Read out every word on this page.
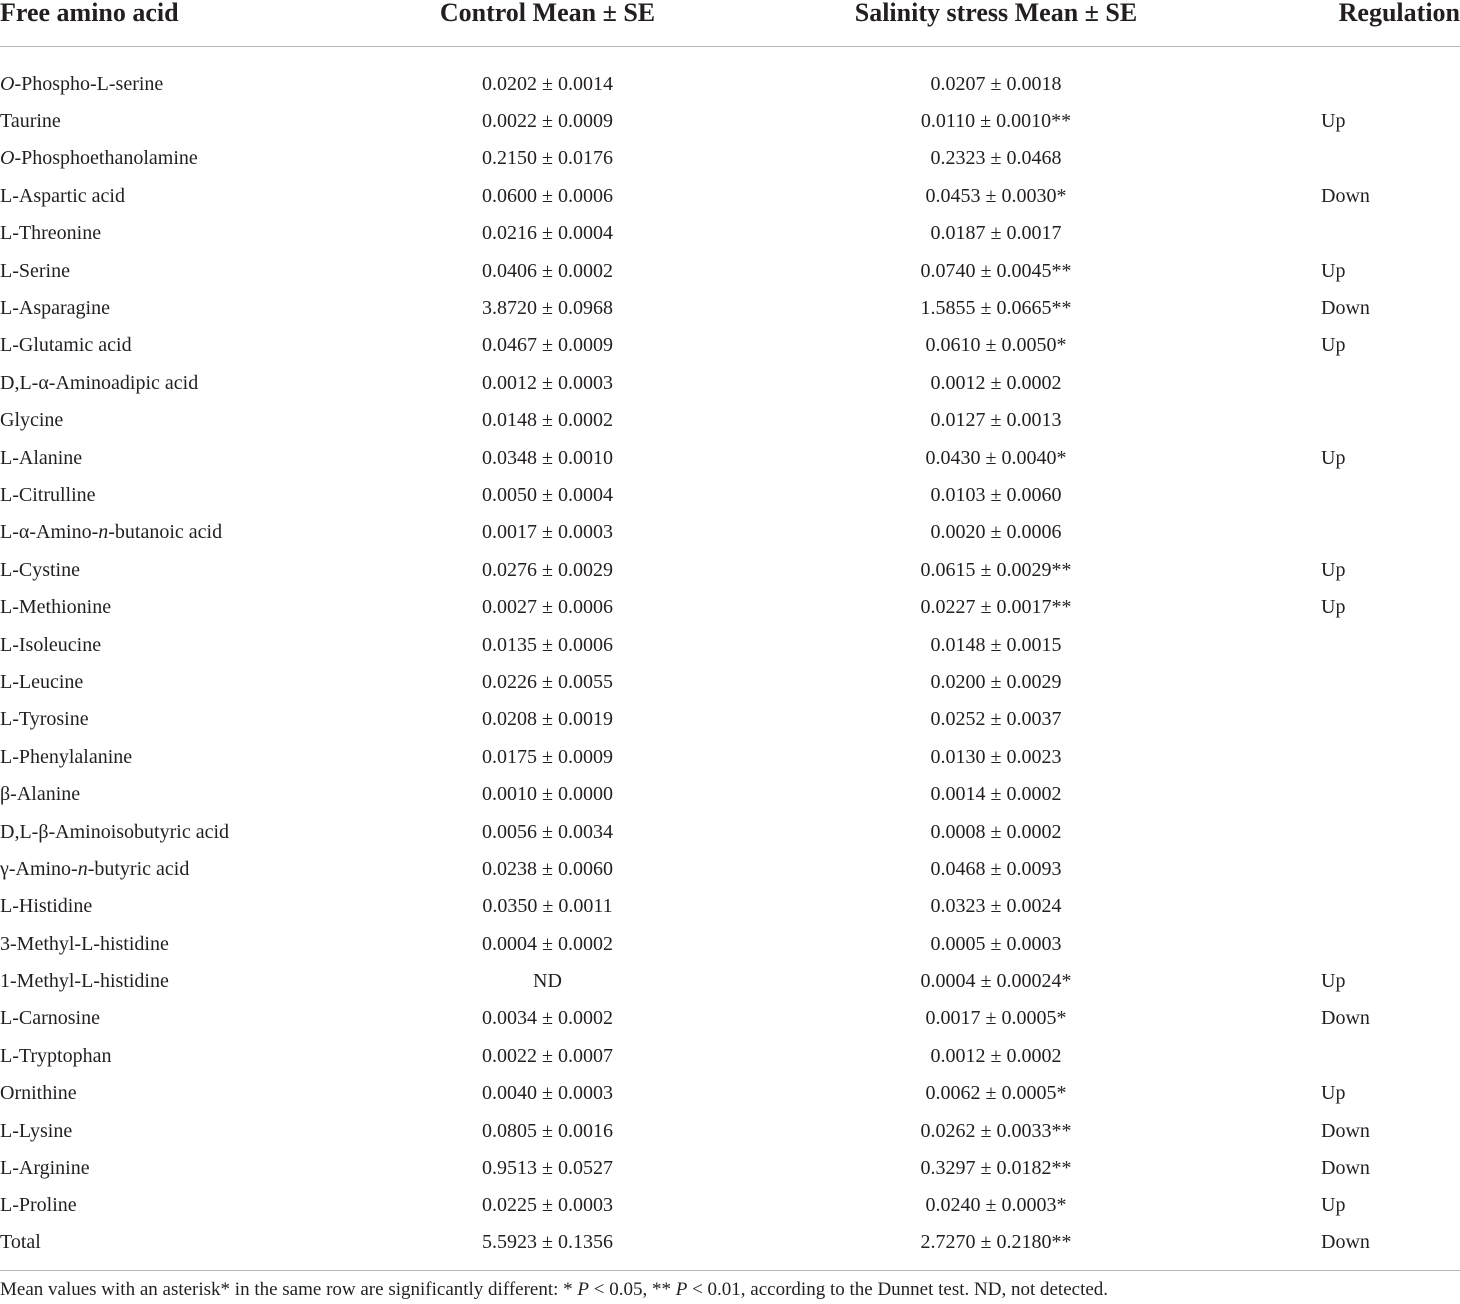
Free amino acid	Control Mean ± SE	Salinity stress Mean ± SE	Regulation
O-Phospho-L-serine	0.0202 ± 0.0014	0.0207 ± 0.0018	
Taurine	0.0022 ± 0.0009	0.0110 ± 0.0010**	Up
O-Phosphoethanolamine	0.2150 ± 0.0176	0.2323 ± 0.0468	
L-Aspartic acid	0.0600 ± 0.0006	0.0453 ± 0.0030*	Down
L-Threonine	0.0216 ± 0.0004	0.0187 ± 0.0017	
L-Serine	0.0406 ± 0.0002	0.0740 ± 0.0045**	Up
L-Asparagine	3.8720 ± 0.0968	1.5855 ± 0.0665**	Down
L-Glutamic acid	0.0467 ± 0.0009	0.0610 ± 0.0050*	Up
D,L-α-Aminoadipic acid	0.0012 ± 0.0003	0.0012 ± 0.0002	
Glycine	0.0148 ± 0.0002	0.0127 ± 0.0013	
L-Alanine	0.0348 ± 0.0010	0.0430 ± 0.0040*	Up
L-Citrulline	0.0050 ± 0.0004	0.0103 ± 0.0060	
L-α-Amino-n-butanoic acid	0.0017 ± 0.0003	0.0020 ± 0.0006	
L-Cystine	0.0276 ± 0.0029	0.0615 ± 0.0029**	Up
L-Methionine	0.0027 ± 0.0006	0.0227 ± 0.0017**	Up
L-Isoleucine	0.0135 ± 0.0006	0.0148 ± 0.0015	
L-Leucine	0.0226 ± 0.0055	0.0200 ± 0.0029	
L-Tyrosine	0.0208 ± 0.0019	0.0252 ± 0.0037	
L-Phenylalanine	0.0175 ± 0.0009	0.0130 ± 0.0023	
β-Alanine	0.0010 ± 0.0000	0.0014 ± 0.0002	
D,L-β-Aminoisobutyric acid	0.0056 ± 0.0034	0.0008 ± 0.0002	
γ-Amino-n-butyric acid	0.0238 ± 0.0060	0.0468 ± 0.0093	
L-Histidine	0.0350 ± 0.0011	0.0323 ± 0.0024	
3-Methyl-L-histidine	0.0004 ± 0.0002	0.0005 ± 0.0003	
1-Methyl-L-histidine	ND	0.0004 ± 0.00024*	Up
L-Carnosine	0.0034 ± 0.0002	0.0017 ± 0.0005*	Down
L-Tryptophan	0.0022 ± 0.0007	0.0012 ± 0.0002	
Ornithine	0.0040 ± 0.0003	0.0062 ± 0.0005*	Up
L-Lysine	0.0805 ± 0.0016	0.0262 ± 0.0033**	Down
L-Arginine	0.9513 ± 0.0527	0.3297 ± 0.0182**	Down
L-Proline	0.0225 ± 0.0003	0.0240 ± 0.0003*	Up
Total	5.5923 ± 0.1356	2.7270 ± 0.2180**	Down
Mean values with an asterisk* in the same row are significantly different: * P < 0.05, ** P < 0.01, according to the Dunnet test. ND, not detected.
